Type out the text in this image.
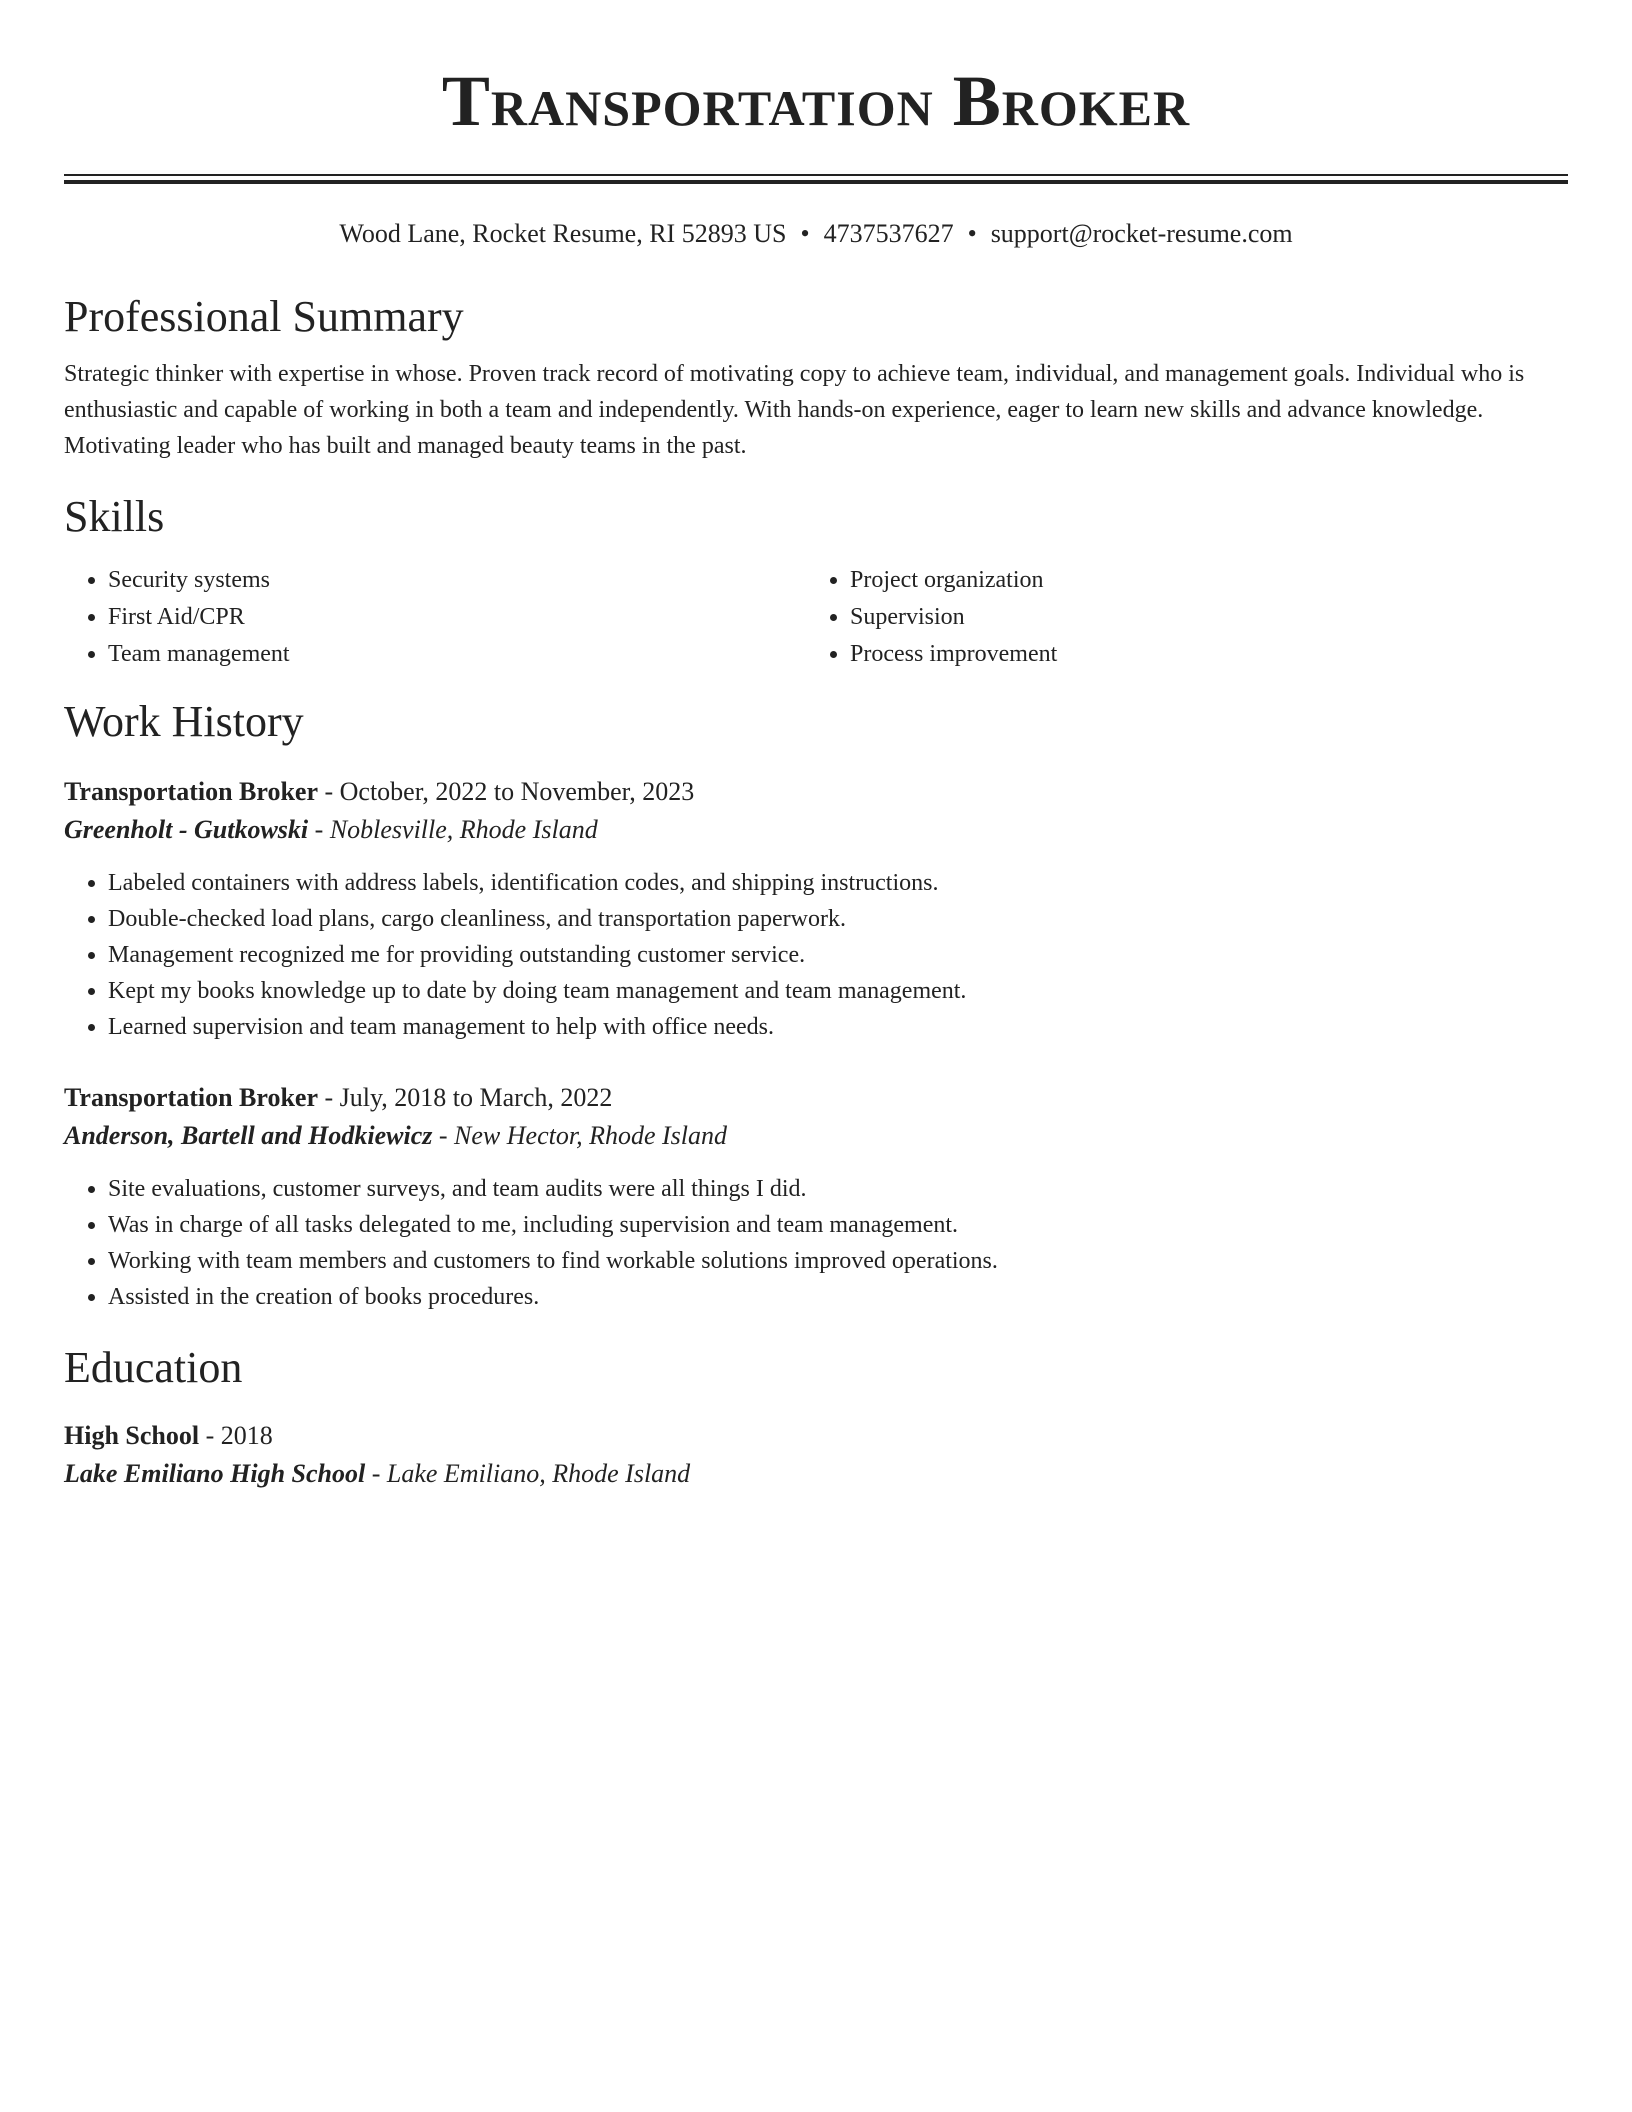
Transportation Broker
Wood Lane, Rocket Resume, RI 52893 US • 4737537627 • support@rocket-resume.com
Professional Summary

Strategic thinker with expertise in whose. Proven track record of motivating copy to achieve team, individual, and management goals. Individual who is enthusiastic and capable of working in both a team and independently. With hands-on experience, eager to learn new skills and advance knowledge. Motivating leader who has built and managed beauty teams in the past.

Skills
• Security systems
• First Aid/CPR
• Team management
• Project organization
• Supervision
• Process improvement
Work History
Transportation Broker - October, 2022 to November, 2023
Greenholt - Gutkowski - Noblesville, Rhode Island
• Labeled containers with address labels, identification codes, and shipping instructions.
• Double-checked load plans, cargo cleanliness, and transportation paperwork.
• Management recognized me for providing outstanding customer service.
• Kept my books knowledge up to date by doing team management and team management.
• Learned supervision and team management to help with office needs.
Transportation Broker - July, 2018 to March, 2022
Anderson, Bartell and Hodkiewicz - New Hector, Rhode Island
• Site evaluations, customer surveys, and team audits were all things I did.
• Was in charge of all tasks delegated to me, including supervision and team management.
• Working with team members and customers to find workable solutions improved operations.
• Assisted in the creation of books procedures.
Education
High School - 2018
Lake Emiliano High School - Lake Emiliano, Rhode Island
